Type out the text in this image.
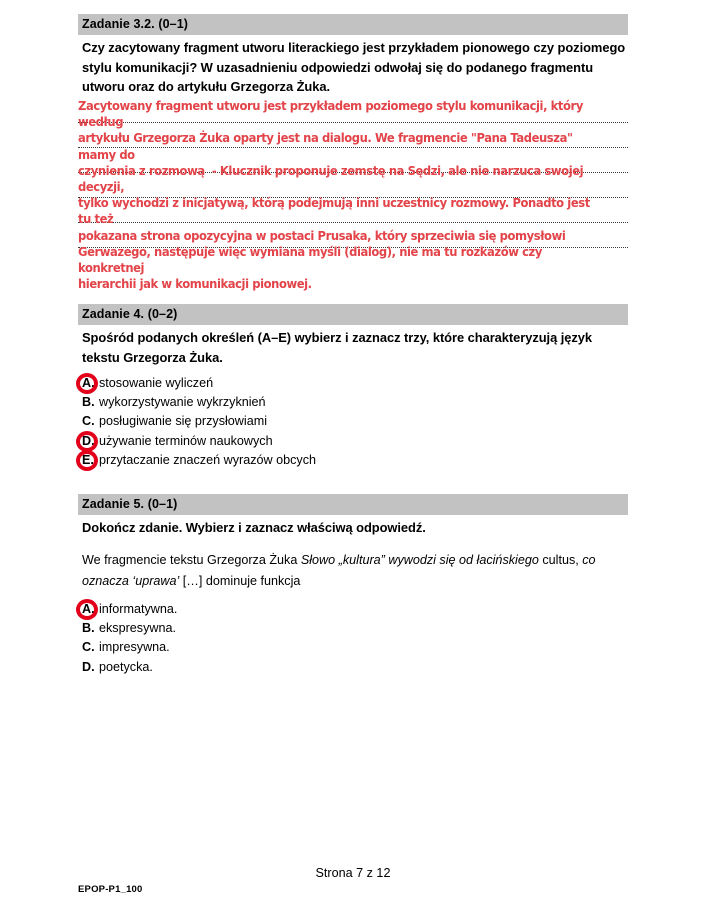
Zadanie 3.2. (0–1)
Czy zacytowany fragment utworu literackiego jest przykładem pionowego czy poziomego stylu komunikacji? W uzasadnieniu odpowiedzi odwołaj się do podanego fragmentu utworu oraz do artykułu Grzegorza Żuka.
Zacytowany fragment utworu jest przykładem poziomego stylu komunikacji, który według
artykułu Grzegorza Żuka oparty jest na dialogu. We fragmencie "Pana Tadeusza" mamy do
czynienia z rozmową  - Klucznik proponuje zemstę na Sędzi, ale nie narzuca swojej decyzji,
tylko wychodzi z inicjatywą, którą podejmują inni uczestnicy rozmowy. Ponadto jest tu też
pokazana strona opozycyjna w postaci Prusaka, który sprzeciwia się pomysłowi
Gerwazego, następuje więc wymiana myśli (dialog), nie ma tu rozkazów czy konkretnej
hierarchii jak w komunikacji pionowej.
Zadanie 4. (0–2)
Spośród podanych określeń (A–E) wybierz i zaznacz trzy, które charakteryzują język tekstu Grzegorza Żuka.
A. stosowanie wyliczeń
B. wykorzystywanie wykrzyknień
C. posługiwanie się przysłowiami
D. używanie terminów naukowych
E. przytaczanie znaczeń wyrazów obcych
Zadanie 5. (0–1)
Dokończ zdanie. Wybierz i zaznacz właściwą odpowiedź.
We fragmencie tekstu Grzegorza Żuka Słowo „kultura” wywodzi się od łacińskiego cultus, co oznacza ‘uprawa’ […] dominuje funkcja
A. informatywna.
B. ekspresywna.
C. impresywna.
D. poetycka.
Strona 7 z 12
EPOP-P1_100
